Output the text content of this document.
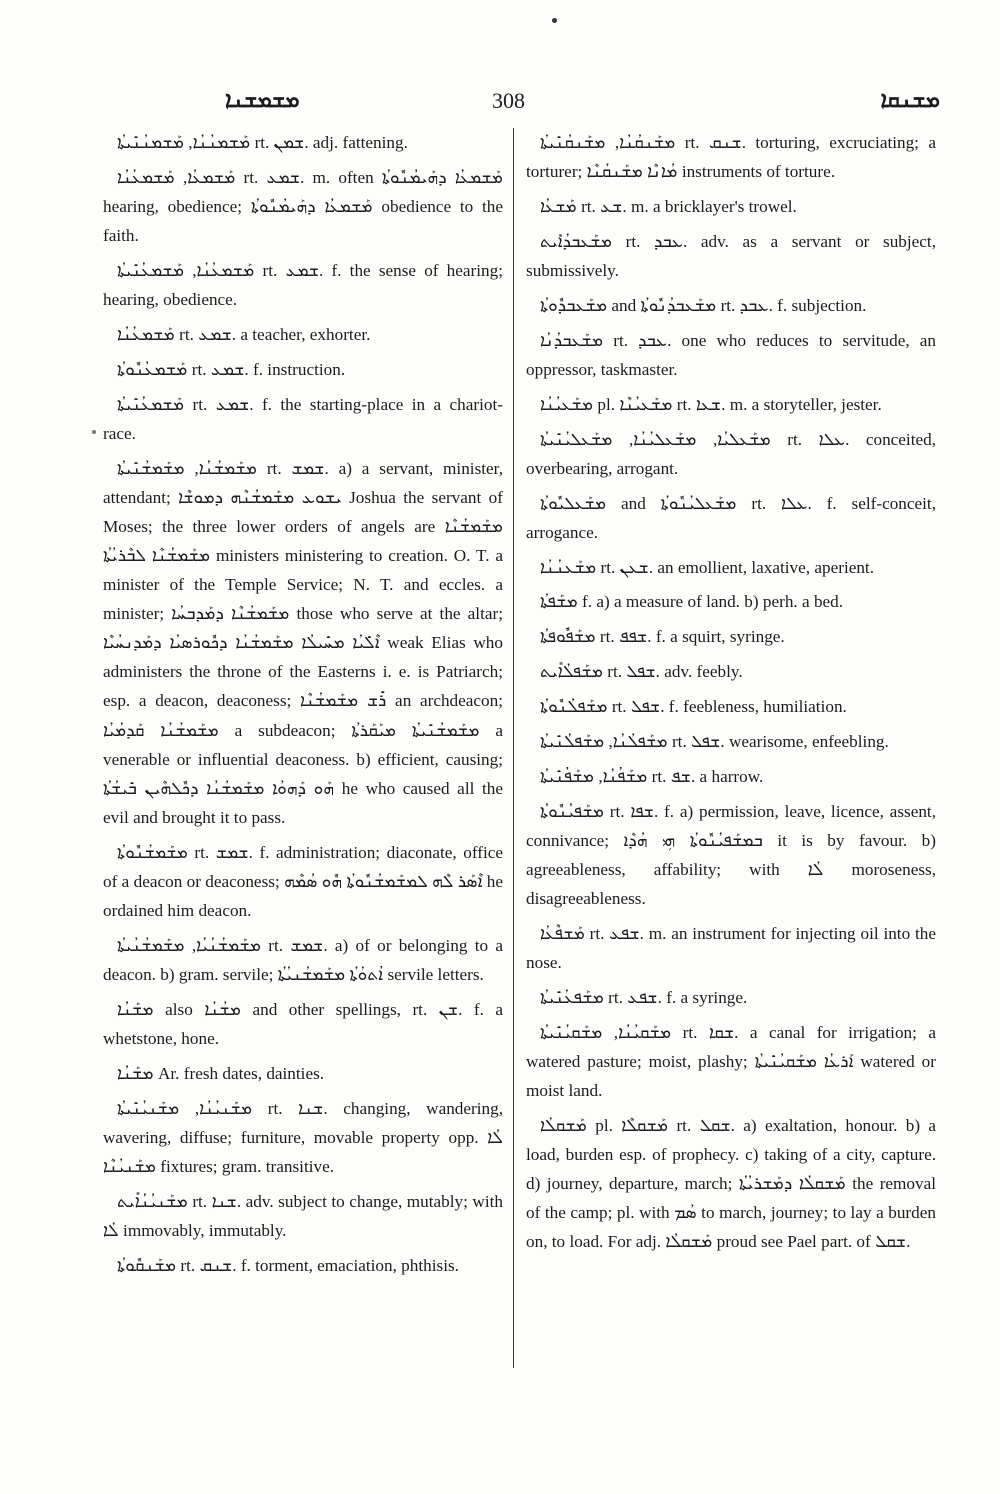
ܡܫܡܫܢܐ	308	ܡܫܢܩܐ

ܡܰܫܡܢܳܢܳܐ, ܡܰܫܡܢܳܢܺܝܬܳܐ rt. ܫܡܢ. adj. fattening.

ܡܰܫܡܥܳܐ, ܡܰܫܡܥܳܢܳܐ rt. ܫܡܥ. m. often ܡܰܫܡܥܳܐ ܕܗܰܝܡܳܢܽܘܬܳܐ hearing, obedience; ܡܰܫܡܥܳܐ ܕܗܰܝܡܳܢܽܘܬܳܐ obedience to the faith.

ܡܰܫܡܥܳܢܳܐ, ܡܰܫܡܥܳܢܺܝܬܳܐ rt. ܫܡܥ. f. the sense of hearing; hearing, obedience.

ܡܰܫܡܥܳܢܳܐ rt. ܫܡܥ. a teacher, exhorter.

ܡܰܫܡܥܳܢܽܘܬܳܐ rt. ܫܡܥ. f. instruction.

ܡܰܫܡܥܳܢܺܝܬܳܐ rt. ܫܡܥ. f. the starting-place in a chariot-race.

ܡܫܰܡܫܳܢܳܐ, ܡܫܰܡܫܳܢܺܝܬܳܐ rt. ܫܡܫ. a) a servant, minister, attendant; ܝܫܘܥ ܡܫܰܡܫܳܢܶܗ ܕܡܘܫܶܐ Joshua the servant of Moses; the three lower orders of angels are ܡܫܰܡܫܳܢܶܐ ܡܫܰܡܫܳܢܶܐ ܠܒܶܪܝܳܬܳܐ ministers ministering to creation. O. T. a minister of the Temple Service; N. T. and eccles. a minister; ܡܫܰܡܫܳܢܶܐ ܕܡܰܕܒܚܳܐ those who serve at the altar; ܐܶܠܺܝܳܐ ܡܚܺܝܠܳܐ ܡܫܰܡܫܳܢܳܐ ܕܟܽܘܪܣܝܳܐ ܕܡܰܕܢܚܳܝܶܐ weak Elias who administers the throne of the Easterns i. e. is Patriarch; esp. a deacon, deaconess; ܪܺܫ ܡܫܰܡܫܳܢܶܐ an archdeacon; ܡܫܰܡܫܳܢܳܐ ܩܰܕܡܳܝܳܐ a subdeacon; ܡܫܰܡܫܳܢܺܝܬܳܐ ܡܝܰܩܰܪܬܳܐ a venerable or influential deaconess. b) efficient, causing; ܗܰܘ ܕܰܗܘܳܐ ܡܫܰܡܫܳܢܳܐ ܕܟܽܠܗܶܝܢ ܒܺܝܫܳܬܳܐ he who caused all the evil and brought it to pass.

ܡܫܰܡܫܳܢܽܘܬܳܐ rt. ܫܡܫ. f. administration; diaconate, office of a deacon or deaconess; ܐܶܣܰܪ ܠܶܗ ܠܡܫܰܡܫܳܢܽܘܬܳܐ ܗܽܘ ܣܳܡܶܗ he ordained him deacon.

ܡܫܰܡܫܳܢܳܝܳܐ, ܡܫܰܡܫܳܢܳܝܬܳܐ rt. ܫܡܫ. a) of or belonging to a deacon. b) gram. servile; ܐܳܬܘܳܬܳܐ ܡܫܰܡܫܳܢܝܳܬܳܐ servile letters.

ܡܫܰܢܳܐ also ܡܫܳܢܳܐ and other spellings, rt. ܫܢ. f. a whetstone, hone.

ܡܫܰܢܳܐ Ar. fresh dates, dainties.

ܡܫܰܢܝܳܢܳܐ, ܡܫܰܢܝܳܢܺܝܬܳܐ rt. ܫܢܐ. changing, wandering, wavering, diffuse; furniture, movable property opp. ܠܳܐ ܡܫܰܢܝܳܢܶܐ fixtures; gram. transitive.

ܡܫܰܢܝܳܢܳܐܺܝܬ rt. ܫܢܐ. adv. subject to change, mutably; with ܠܳܐ immovably, immutably.

ܡܫܰܢܩܽܘܬܳܐ rt. ܫܢܩ. f. torment, emaciation, phthisis.

ܡܫܰܢܩܳܢܳܐ, ܡܫܰܢܩܳܢܺܝܬܳܐ rt. ܫܢܩ. torturing, excruciating; a torturer; ܡܳܐܢܶܐ ܡܫܰܢܩܳܢܶܐ instruments of torture.

ܡܰܫܥܳܐ rt. ܫܥ. m. a bricklayer's trowel.

ܡܫܰܥܒܕܳܐܺܝܬ rt. ܥܒܕ. adv. as a servant or subject, submissively.

ܡܫܰܥܒܕܽܘܬܳܐ and ܡܫܰܥܒܕܳܢܽܘܬܳܐ rt. ܥܒܕ. f. subjection.

ܡܫܰܥܒܕܳܢܳܐ rt. ܥܒܕ. one who reduces to servitude, an oppressor, taskmaster.

ܡܫܰܥܝܳܢܳܐ pl. ܡܫܰܥܝܳܢܶܐ rt. ܫܥܐ. m. a storyteller, jester.

ܡܫܰܥܠܝܳܐ, ܡܫܰܥܠܝܳܢܳܐ, ܡܫܰܥܠܝܳܢܺܝܬܳܐ rt. ܥܠܐ. conceited, overbearing, arrogant.

ܡܫܰܥܠܝܽܘܬܳܐ and ܡܫܰܥܠܝܳܢܽܘܬܳܐ rt. ܥܠܐ. f. self-conceit, arrogance.

ܡܫܰܥܢܳܢܳܐ rt. ܫܥܢ. an emollient, laxative, aperient.

ܡܫܰܦܬܳܐ f. a) a measure of land. b) perh. a bed.

ܡܫܰܦܽܘܦܬܳܐ rt. ܫܦܦ. f. a squirt, syringe.

ܡܫܰܦܠܳܐܺܝܬ rt. ܫܦܠ. adv. feebly.

ܡܫܰܦܠܳܢܽܘܬܳܐ rt. ܫܦܠ. f. feebleness, humiliation.

ܡܫܰܦܠܳܢܳܐ, ܡܫܰܦܠܳܢܺܝܬܳܐ rt. ܫܦܠ. wearisome, enfeebling.

ܡܫܰܦܳܢܳܐ, ܡܫܰܦܳܢܺܝܬܳܐ rt. ܫܦ. a harrow.

ܡܫܰܦܝܳܢܽܘܬܳܐ rt. ܫܦܐ. f. a) permission, leave, licence, assent, connivance; ܒܡܫܰܦܝܳܢܽܘܬܳܐ ܗܝܼ ܗܳܕܶܐ it is by favour. b) agreeableness, affability; with ܠܳܐ moroseness, disagreeableness.

ܡܰܫܦܶܥܳܐ rt. ܫܦܥ. m. an instrument for injecting oil into the nose.

ܡܫܰܦܥܳܢܺܝܬܳܐ rt. ܫܦܥ. f. a syringe.

ܡܫܰܩܝܳܢܳܐ, ܡܫܰܩܝܳܢܺܝܬܳܐ rt. ܫܩܐ. a canal for irrigation; a watered pasture; moist, plashy; ܐܰܪܥܳܐ ܡܫܰܩܝܳܢܺܝܬܳܐ watered or moist land.

ܡܰܫܩܠܳܐ pl. ܡܰܫܩܠܶܐ rt. ܫܩܠ. a) exaltation, honour. b) a load, burden esp. of prophecy. c) taking of a city, capture. d) journey, departure, march; ܡܰܫܩܠܳܐ ܕܡܰܫܪܝܳܬܳܐ the removal of the camp; pl. with ܣܳܡ to march, journey; to lay a burden on, to load. For adj. ܡܰܫܩܠܳܐ proud see Pael part. of ܫܩܠ.
